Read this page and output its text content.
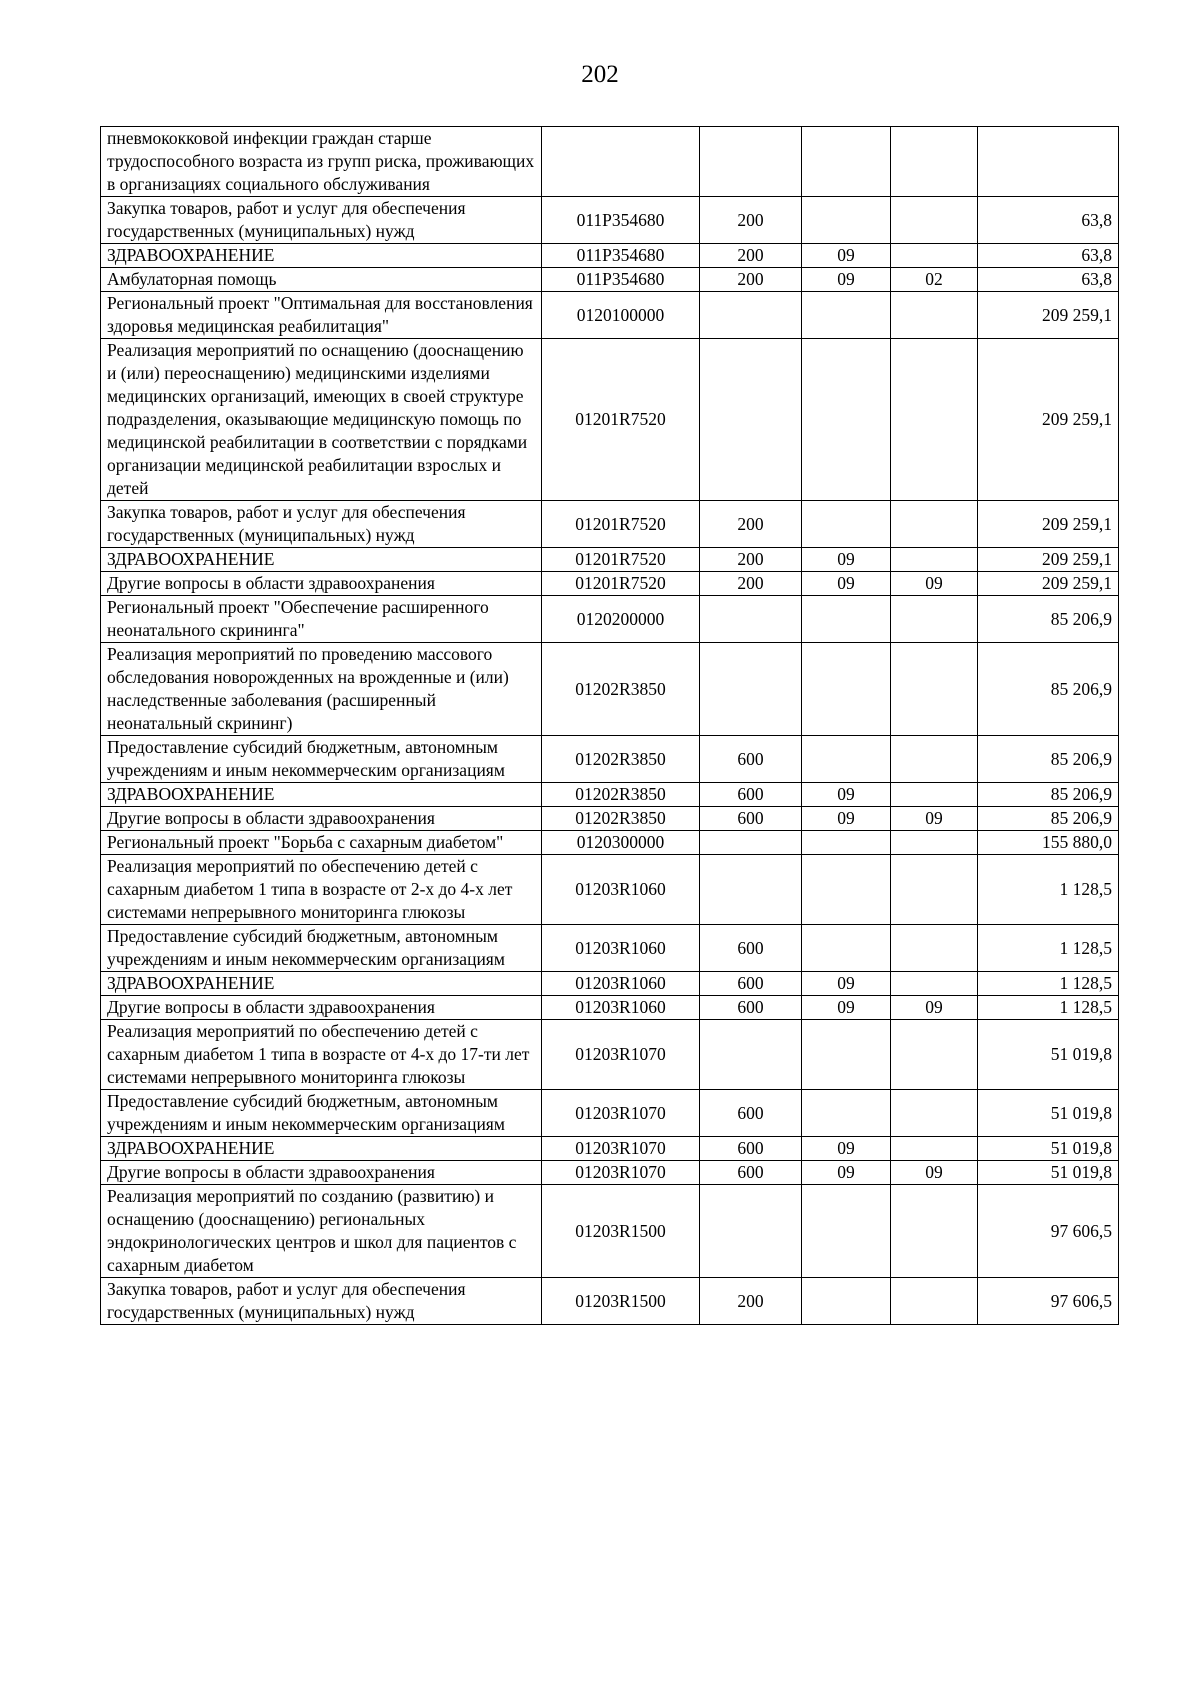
202
пневмококковой инфекции граждан старше трудоспособного возраста из групп риска, проживающих в организациях социального обслуживания					
Закупка товаров, работ и услуг для обеспечения государственных (муниципальных) нужд	011Р354680	200			63,8
ЗДРАВООХРАНЕНИЕ	011Р354680	200	09		63,8
Амбулаторная помощь	011Р354680	200	09	02	63,8
Региональный проект "Оптимальная для восстановления здоровья медицинская реабилитация"	0120100000				209 259,1
Реализация мероприятий по оснащению (дооснащению и (или) переоснащению) медицинскими изделиями медицинских организаций, имеющих в своей структуре подразделения, оказывающие медицинскую помощь по медицинской реабилитации в соответствии с порядками организации медицинской реабилитации взрослых и детей	01201R7520				209 259,1
Закупка товаров, работ и услуг для обеспечения государственных (муниципальных) нужд	01201R7520	200			209 259,1
ЗДРАВООХРАНЕНИЕ	01201R7520	200	09		209 259,1
Другие вопросы в области здравоохранения	01201R7520	200	09	09	209 259,1
Региональный проект "Обеспечение расширенного неонатального скрининга"	0120200000				85 206,9
Реализация мероприятий по проведению массового обследования новорожденных на врожденные и (или) наследственные заболевания (расширенный неонатальный скрининг)	01202R3850				85 206,9
Предоставление субсидий бюджетным, автономным учреждениям и иным некоммерческим организациям	01202R3850	600			85 206,9
ЗДРАВООХРАНЕНИЕ	01202R3850	600	09		85 206,9
Другие вопросы в области здравоохранения	01202R3850	600	09	09	85 206,9
Региональный проект "Борьба с сахарным диабетом"	0120300000				155 880,0
Реализация мероприятий по обеспечению детей с сахарным диабетом 1 типа в возрасте от 2-х до 4-х лет системами непрерывного мониторинга глюкозы	01203R1060				1 128,5
Предоставление субсидий бюджетным, автономным учреждениям и иным некоммерческим организациям	01203R1060	600			1 128,5
ЗДРАВООХРАНЕНИЕ	01203R1060	600	09		1 128,5
Другие вопросы в области здравоохранения	01203R1060	600	09	09	1 128,5
Реализация мероприятий по обеспечению детей с сахарным диабетом 1 типа в возрасте от 4-х до 17-ти лет системами непрерывного мониторинга глюкозы	01203R1070				51 019,8
Предоставление субсидий бюджетным, автономным учреждениям и иным некоммерческим организациям	01203R1070	600			51 019,8
ЗДРАВООХРАНЕНИЕ	01203R1070	600	09		51 019,8
Другие вопросы в области здравоохранения	01203R1070	600	09	09	51 019,8
Реализация мероприятий по созданию (развитию) и оснащению (дооснащению) региональных эндокринологических центров и школ для пациентов с сахарным диабетом	01203R1500				97 606,5
Закупка товаров, работ и услуг для обеспечения государственных (муниципальных) нужд	01203R1500	200			97 606,5
